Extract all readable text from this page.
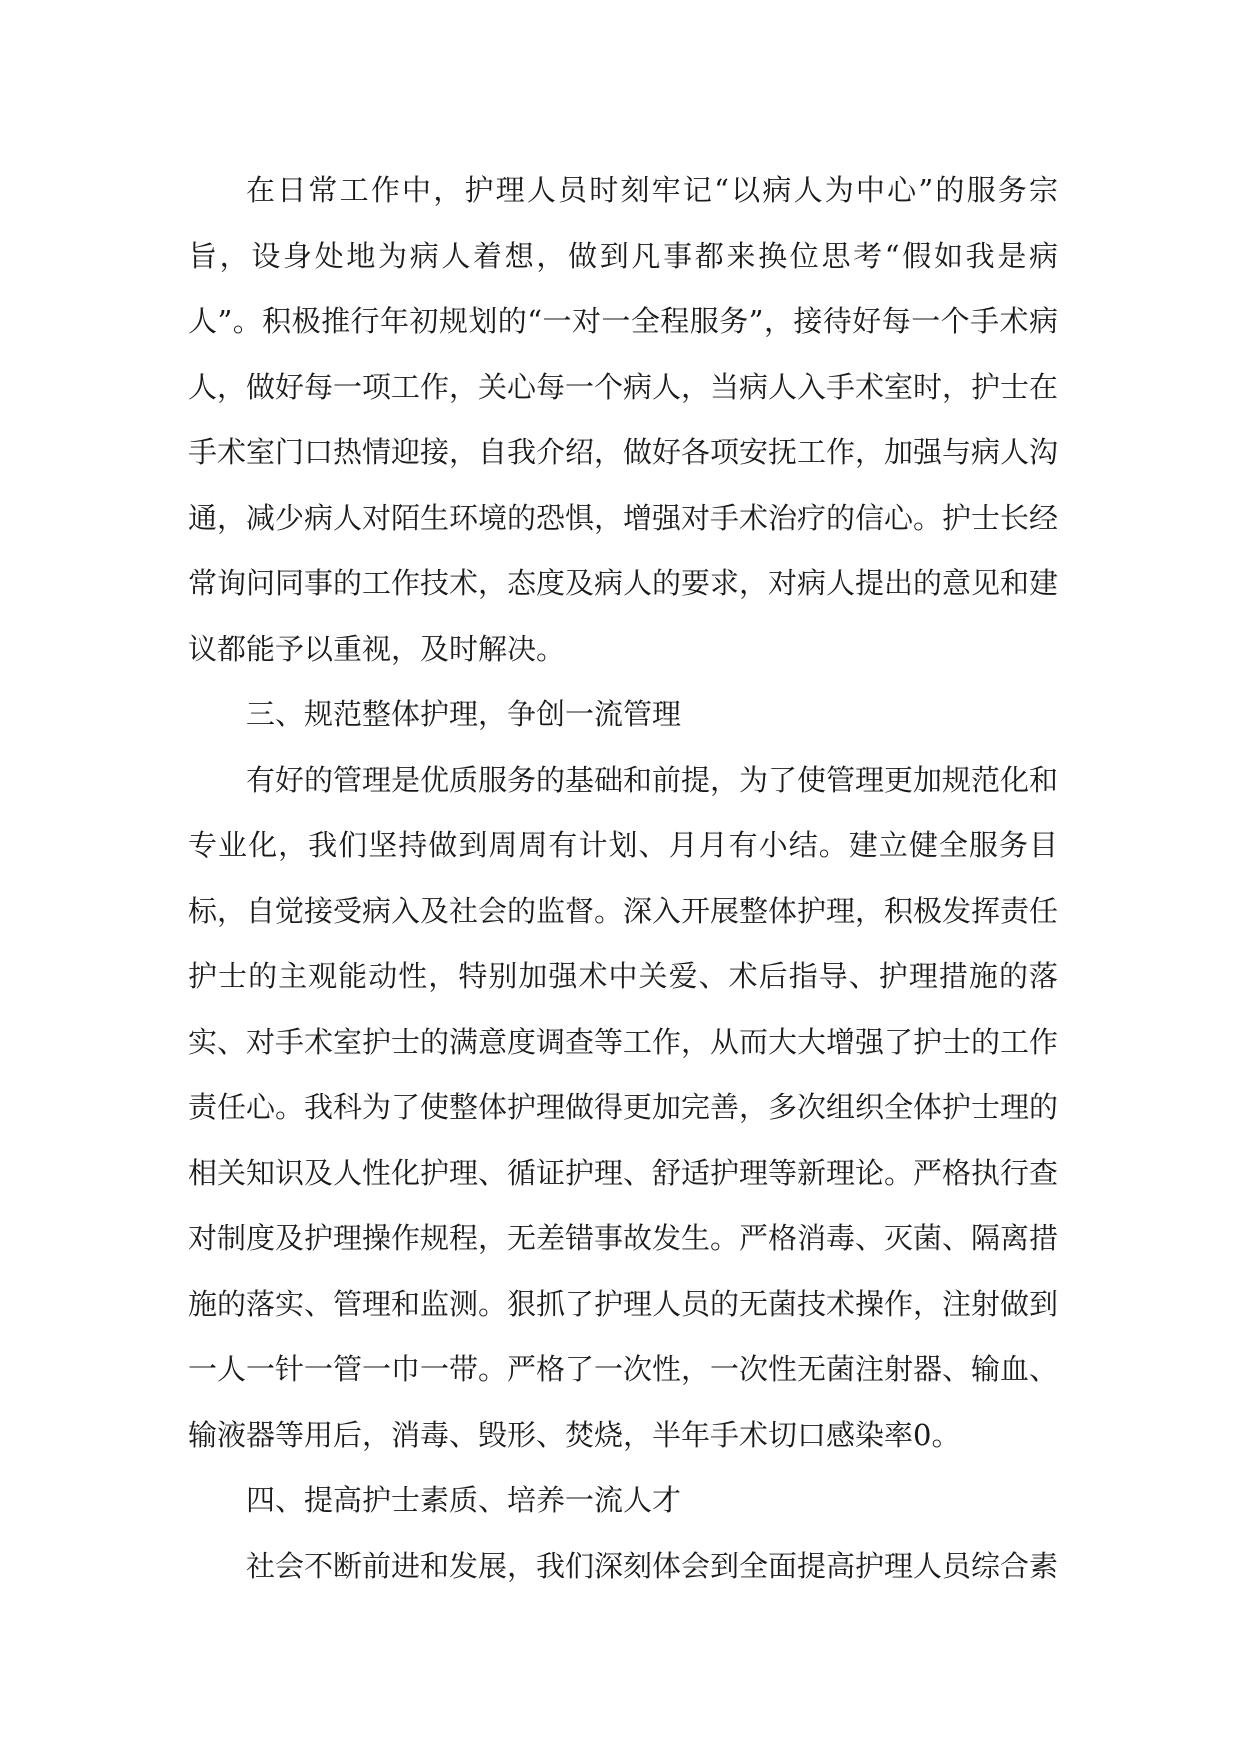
在日常工作中，护理人员时刻牢记“以病人为中心”的服务宗旨，设身处地为病人着想，做到凡事都来换位思考“假如我是病人”。积极推行年初规划的“一对一全程服务”，接待好每一个手术病人，做好每一项工作，关心每一个病人，当病人入手术室时，护士在手术室门口热情迎接，自我介绍，做好各项安抚工作，加强与病人沟通，减少病人对陌生环境的恐惧，增强对手术治疗的信心。护士长经常询问同事的工作技术，态度及病人的要求，对病人提出的意见和建议都能予以重视，及时解决。

三、规范整体护理，争创一流管理

有好的管理是优质服务的基础和前提，为了使管理更加规范化和专业化，我们坚持做到周周有计划、月月有小结。建立健全服务目标，自觉接受病入及社会的监督。深入开展整体护理，积极发挥责任护士的主观能动性，特别加强术中关爱、术后指导、护理措施的落实、对手术室护士的满意度调查等工作，从而大大增强了护士的工作责任心。我科为了使整体护理做得更加完善，多次组织全体护士理的相关知识及人性化护理、循证护理、舒适护理等新理论。严格执行查对制度及护理操作规程，无差错事故发生。严格消毒、灭菌、隔离措施的落实、管理和监测。狠抓了护理人员的无菌技术操作，注射做到一人一针一管一巾一带。严格了一次性，一次性无菌注射器、输血、输液器等用后，消毒、毁形、焚烧，半年手术切口感染率0。

四、提高护士素质、培养一流人才

社会不断前进和发展，我们深刻体会到全面提高护理人员综合素
